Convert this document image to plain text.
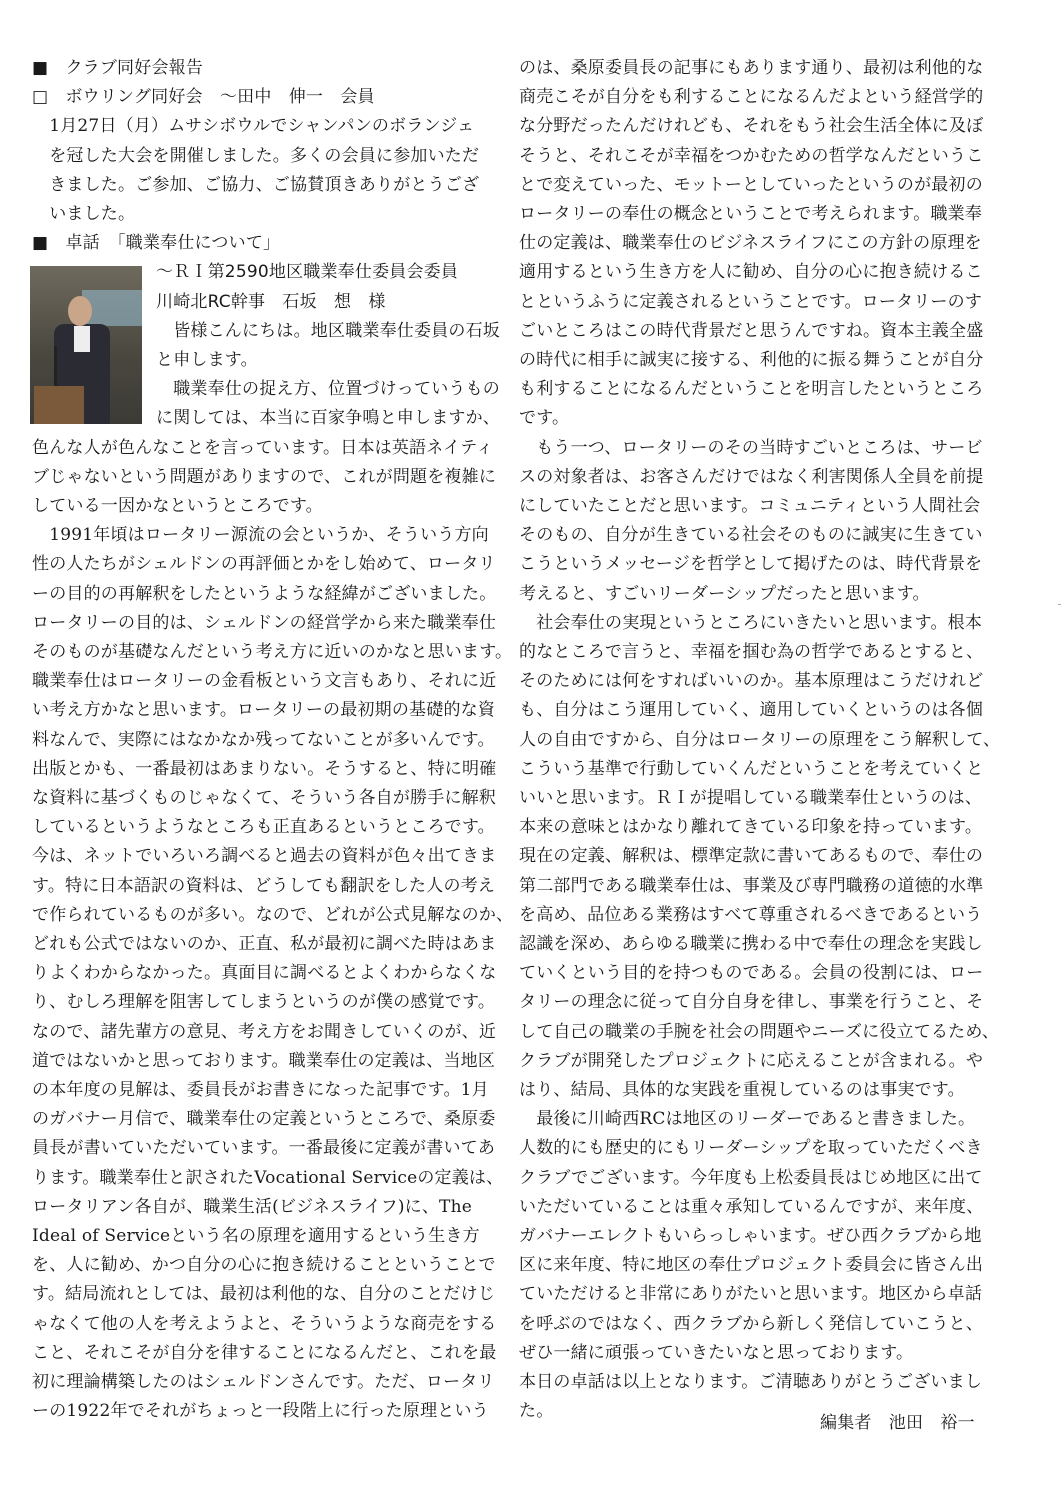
■　クラブ同好会報告
□　ボウリング同好会　～田中　伸一　会員
　1月27日（月）ムサシボウルでシャンパンのボランジェ
　を冠した大会を開催しました。多くの会員に参加いただ
　きました。ご参加、ご協力、ご協賛頂きありがとうござ
　いました。
■　卓話　「職業奉仕について」
～ＲＩ第2590地区職業奉仕委員会委員
川崎北RC幹事　石坂　想　様
　皆様こんにちは。地区職業奉仕委員の石坂
と申します。
　職業奉仕の捉え方、位置づけっていうもの
に関しては、本当に百家争鳴と申しますか、
色んな人が色んなことを言っています。日本は英語ネイティ
ブじゃないという問題がありますので、これが問題を複雑に
している一因かなというところです。
　1991年頃はロータリー源流の会というか、そういう方向
性の人たちがシェルドンの再評価とかをし始めて、ロータリ
ーの目的の再解釈をしたというような経緯がございました。
ロータリーの目的は、シェルドンの経営学から来た職業奉仕
そのものが基礎なんだという考え方に近いのかなと思います。
職業奉仕はロータリーの金看板という文言もあり、それに近
い考え方かなと思います。ロータリーの最初期の基礎的な資
料なんで、実際にはなかなか残ってないことが多いんです。
出版とかも、一番最初はあまりない。そうすると、特に明確
な資料に基づくものじゃなくて、そういう各自が勝手に解釈
しているというようなところも正直あるというところです。
今は、ネットでいろいろ調べると過去の資料が色々出てきま
す。特に日本語訳の資料は、どうしても翻訳をした人の考え
で作られているものが多い。なので、どれが公式見解なのか、
どれも公式ではないのか、正直、私が最初に調べた時はあま
りよくわからなかった。真面目に調べるとよくわからなくな
り、むしろ理解を阻害してしまうというのが僕の感覚です。
なので、諸先輩方の意見、考え方をお聞きしていくのが、近
道ではないかと思っております。職業奉仕の定義は、当地区
の本年度の見解は、委員長がお書きになった記事です。1月
のガバナー月信で、職業奉仕の定義というところで、桑原委
員長が書いていただいています。一番最後に定義が書いてあ
ります。職業奉仕と訳されたVocational Serviceの定義は、
ロータリアン各自が、職業生活(ビジネスライフ)に、The
Ideal of Serviceという名の原理を適用するという生き方
を、人に勧め、かつ自分の心に抱き続けることということで
す。結局流れとしては、最初は利他的な、自分のことだけじ
ゃなくて他の人を考えようよと、そういうような商売をする
こと、それこそが自分を律することになるんだと、これを最
初に理論構築したのはシェルドンさんです。ただ、ロータリ
ーの1922年でそれがちょっと一段階上に行った原理という
のは、桑原委員長の記事にもあります通り、最初は利他的な
商売こそが自分をも利することになるんだよという経営学的
な分野だったんだけれども、それをもう社会生活全体に及ぼ
そうと、それこそが幸福をつかむための哲学なんだというこ
とで変えていった、モットーとしていったというのが最初の
ロータリーの奉仕の概念ということで考えられます。職業奉
仕の定義は、職業奉仕のビジネスライフにこの方針の原理を
適用するという生き方を人に勧め、自分の心に抱き続けるこ
とというふうに定義されるということです。ロータリーのす
ごいところはこの時代背景だと思うんですね。資本主義全盛
の時代に相手に誠実に接する、利他的に振る舞うことが自分
も利することになるんだということを明言したというところ
です。
　もう一つ、ロータリーのその当時すごいところは、サービ
スの対象者は、お客さんだけではなく利害関係人全員を前提
にしていたことだと思います。コミュニティという人間社会
そのもの、自分が生きている社会そのものに誠実に生きてい
こうというメッセージを哲学として掲げたのは、時代背景を
考えると、すごいリーダーシップだったと思います。
　社会奉仕の実現というところにいきたいと思います。根本
的なところで言うと、幸福を掴む為の哲学であるとすると、
そのためには何をすればいいのか。基本原理はこうだけれど
も、自分はこう運用していく、適用していくというのは各個
人の自由ですから、自分はロータリーの原理をこう解釈して、
こういう基準で行動していくんだということを考えていくと
いいと思います。ＲＩが提唱している職業奉仕というのは、
本来の意味とはかなり離れてきている印象を持っています。
現在の定義、解釈は、標準定款に書いてあるもので、奉仕の
第二部門である職業奉仕は、事業及び専門職務の道徳的水準
を高め、品位ある業務はすべて尊重されるべきであるという
認識を深め、あらゆる職業に携わる中で奉仕の理念を実践し
ていくという目的を持つものである。会員の役割には、ロー
タリーの理念に従って自分自身を律し、事業を行うこと、そ
して自己の職業の手腕を社会の問題やニーズに役立てるため、
クラブが開発したプロジェクトに応えることが含まれる。や
はり、結局、具体的な実践を重視しているのは事実です。
　最後に川崎西RCは地区のリーダーであると書きました。
人数的にも歴史的にもリーダーシップを取っていただくべき
クラブでございます。今年度も上松委員長はじめ地区に出て
いただいていることは重々承知しているんですが、来年度、
ガバナーエレクトもいらっしゃいます。ぜひ西クラブから地
区に来年度、特に地区の奉仕プロジェクト委員会に皆さん出
ていただけると非常にありがたいと思います。地区から卓話
を呼ぶのではなく、西クラブから新しく発信していこうと、
ぜひ一緒に頑張っていきたいなと思っております。
本日の卓話は以上となります。ご清聴ありがとうございまし
た。
編集者　池田　裕一
